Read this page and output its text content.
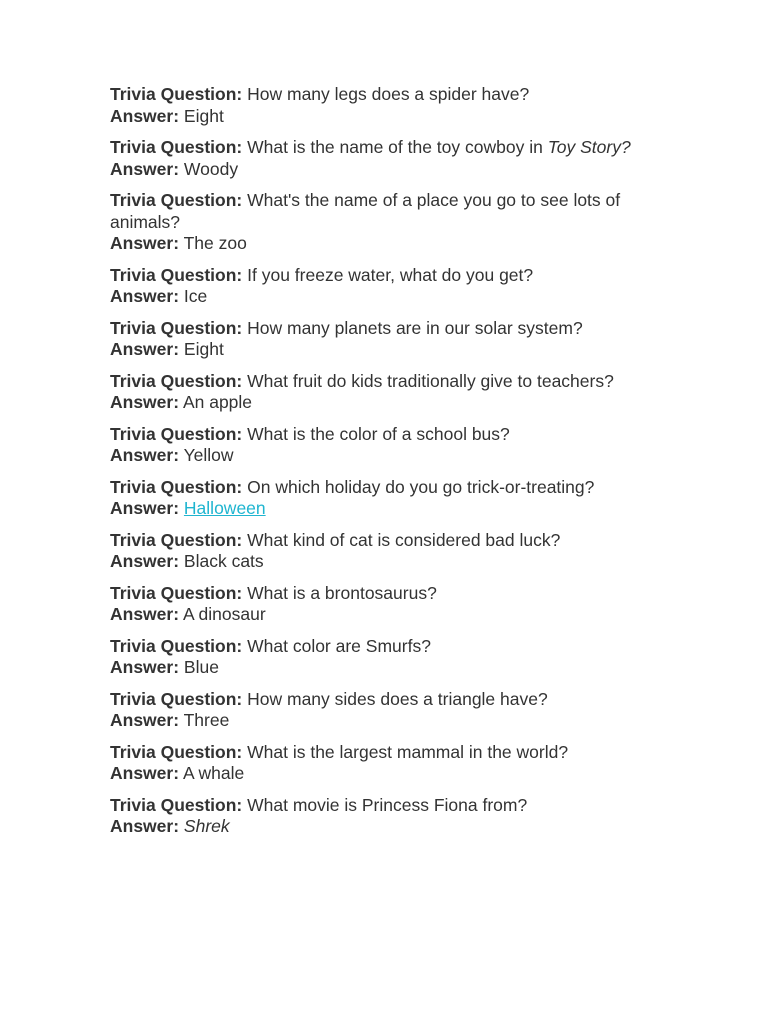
Trivia Question: How many legs does a spider have?

Answer: Eight

Trivia Question: What is the name of the toy cowboy in Toy Story?

Answer: Woody

Trivia Question: What's the name of a place you go to see lots of animals?

Answer: The zoo

Trivia Question: If you freeze water, what do you get?

Answer: Ice

Trivia Question: How many planets are in our solar system?

Answer: Eight

Trivia Question: What fruit do kids traditionally give to teachers?

Answer: An apple

Trivia Question: What is the color of a school bus?

Answer: Yellow

Trivia Question: On which holiday do you go trick-or-treating?

Answer: Halloween

Trivia Question: What kind of cat is considered bad luck?

Answer: Black cats

Trivia Question: What is a brontosaurus?

Answer: A dinosaur

Trivia Question: What color are Smurfs?

Answer: Blue

Trivia Question: How many sides does a triangle have?

Answer: Three

Trivia Question: What is the largest mammal in the world?

Answer: A whale

Trivia Question: What movie is Princess Fiona from?

Answer: Shrek
